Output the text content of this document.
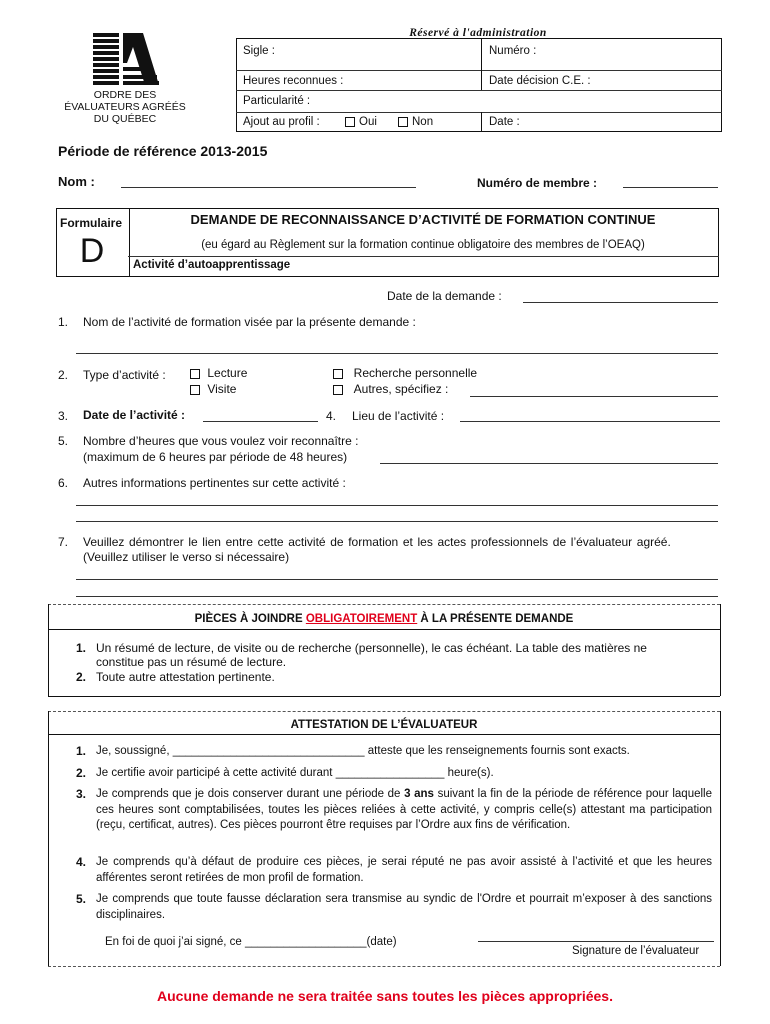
ORDRE DES
ÉVALUATEURS AGRÉÉS
DU QUÉBEC
Réservé à l'administration
Sigle :	Numéro :
Heures reconnues :	Date décision C.E. :
Particularité :
Ajout au profil :	Oui	Non	Date :
Période de référence 2013-2015
Nom :	Numéro de membre :
Formulaire
D
DEMANDE DE RECONNAISSANCE D’ACTIVITÉ DE FORMATION CONTINUE
(eu égard au Règlement sur la formation continue obligatoire des membres de l’OEAQ)
Activité d’autoapprentissage
Date de la demande :
1. Nom de l’activité de formation visée par la présente demande :
2. Type d’activité :	Lecture
Visite
Recherche personnelle
Autres, spécifiez :
3. Date de l’activité :	4. Lieu de l’activité :
5. Nombre d’heures que vous voulez voir reconnaître :
(maximum de 6 heures par période de 48 heures)
6. Autres informations pertinentes sur cette activité :
7. Veuillez démontrer le lien entre cette activité de formation et les actes professionnels de l’évaluateur agréé.
(Veuillez utiliser le verso si nécessaire)
PIÈCES À JOINDRE OBLIGATOIREMENT À LA PRÉSENTE DEMANDE
1. Un résumé de lecture, de visite ou de recherche (personnelle), le cas échéant. La table des matières ne
constitue pas un résumé de lecture.
2. Toute autre attestation pertinente.
ATTESTATION DE L’ÉVALUATEUR
1. Je, soussigné, ______________________________ atteste que les renseignements fournis sont exacts.
2. Je certifie avoir participé à cette activité durant _________________ heure(s).
3. Je comprends que je dois conserver durant une période de 3 ans suivant la fin de la période de référence pour laquelle ces heures sont comptabilisées, toutes les pièces reliées à cette activité, y compris celle(s) attestant ma participation (reçu, certificat, autres). Ces pièces pourront être requises par l’Ordre aux fins de vérification.
4. Je comprends qu’à défaut de produire ces pièces, je serai réputé ne pas avoir assisté à l’activité et que les heures afférentes seront retirées de mon profil de formation.
5. Je comprends que toute fausse déclaration sera transmise au syndic de l'Ordre et pourrait m’exposer à des sanctions disciplinaires.
En foi de quoi j’ai signé, ce ___________________(date)
Signature de l’évaluateur
Aucune demande ne sera traitée sans toutes les pièces appropriées.
